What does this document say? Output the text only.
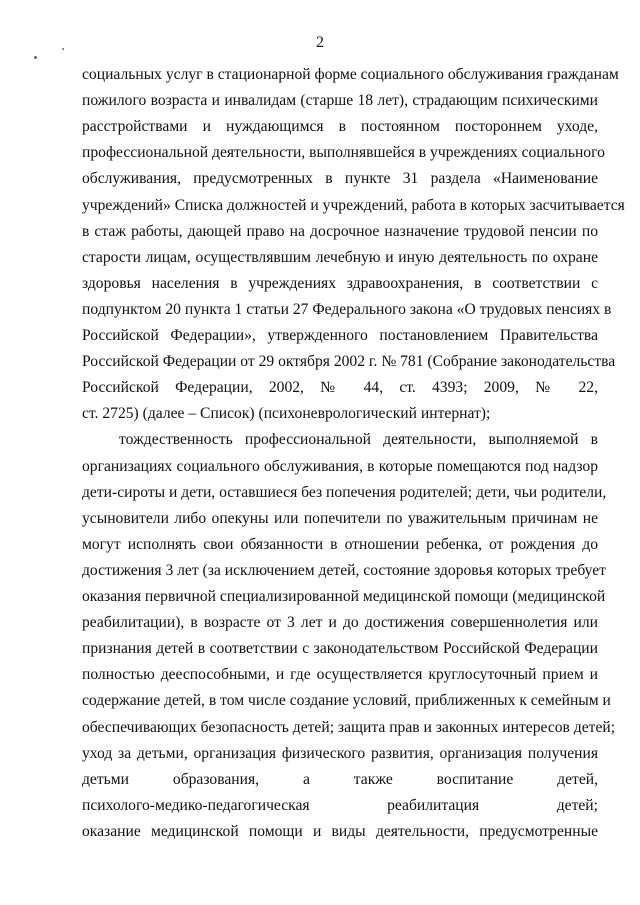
2
социальных услуг в стационарной форме социального обслуживания гражданам
пожилого возраста и инвалидам (старше 18 лет), страдающим психическими
расстройствами и нуждающимся в постоянном постороннем уходе,
профессиональной деятельности, выполнявшейся в учреждениях социального
обслуживания, предусмотренных в пункте 31 раздела «Наименование
учреждений» Списка должностей и учреждений, работа в которых засчитывается
в стаж работы, дающей право на досрочное назначение трудовой пенсии по
старости лицам, осуществлявшим лечебную и иную деятельность по охране
здоровья населения в учреждениях здравоохранения, в соответствии с
подпунктом 20 пункта 1 статьи 27 Федерального закона «О трудовых пенсиях в
Российской Федерации», утвержденного постановлением Правительства
Российской Федерации от 29 октября 2002 г. № 781 (Собрание законодательства
Российской Федерации, 2002, № 44, ст. 4393; 2009, № 22,
ст. 2725) (далее – Список) (психоневрологический интернат);
тождественность профессиональной деятельности, выполняемой в
организациях социального обслуживания, в которые помещаются под надзор
дети-сироты и дети, оставшиеся без попечения родителей; дети, чьи родители,
усыновители либо опекуны или попечители по уважительным причинам не
могут исполнять свои обязанности в отношении ребенка, от рождения до
достижения 3 лет (за исключением детей, состояние здоровья которых требует
оказания первичной специализированной медицинской помощи (медицинской
реабилитации), в возрасте от 3 лет и до достижения совершеннолетия или
признания детей в соответствии с законодательством Российской Федерации
полностью дееспособными, и где осуществляется круглосуточный прием и
содержание детей, в том числе создание условий, приближенных к семейным и
обеспечивающих безопасность детей; защита прав и законных интересов детей;
уход за детьми, организация физического развития, организация получения
детьми образования, а также воспитание детей,
психолого-медико-педагогическая реабилитация детей;
оказание медицинской помощи и виды деятельности, предусмотренные
